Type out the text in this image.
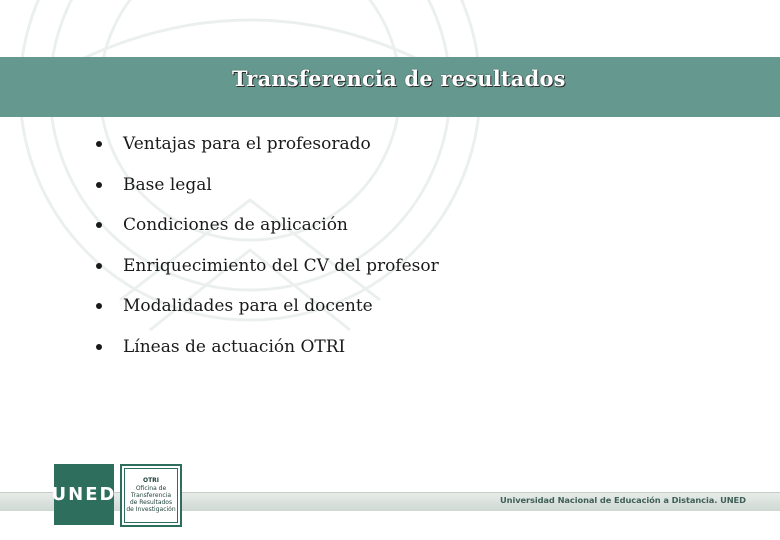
Transferencia de resultados
Ventajas para el profesorado
Base legal
Condiciones de aplicación
Enriquecimiento del CV del profesor
Modalidades para el docente
Líneas de actuación OTRI
Universidad Nacional de Educación a Distancia. UNED
UNED
OTRI
Oficina de
Transferencia
de Resultados
de Investigación
